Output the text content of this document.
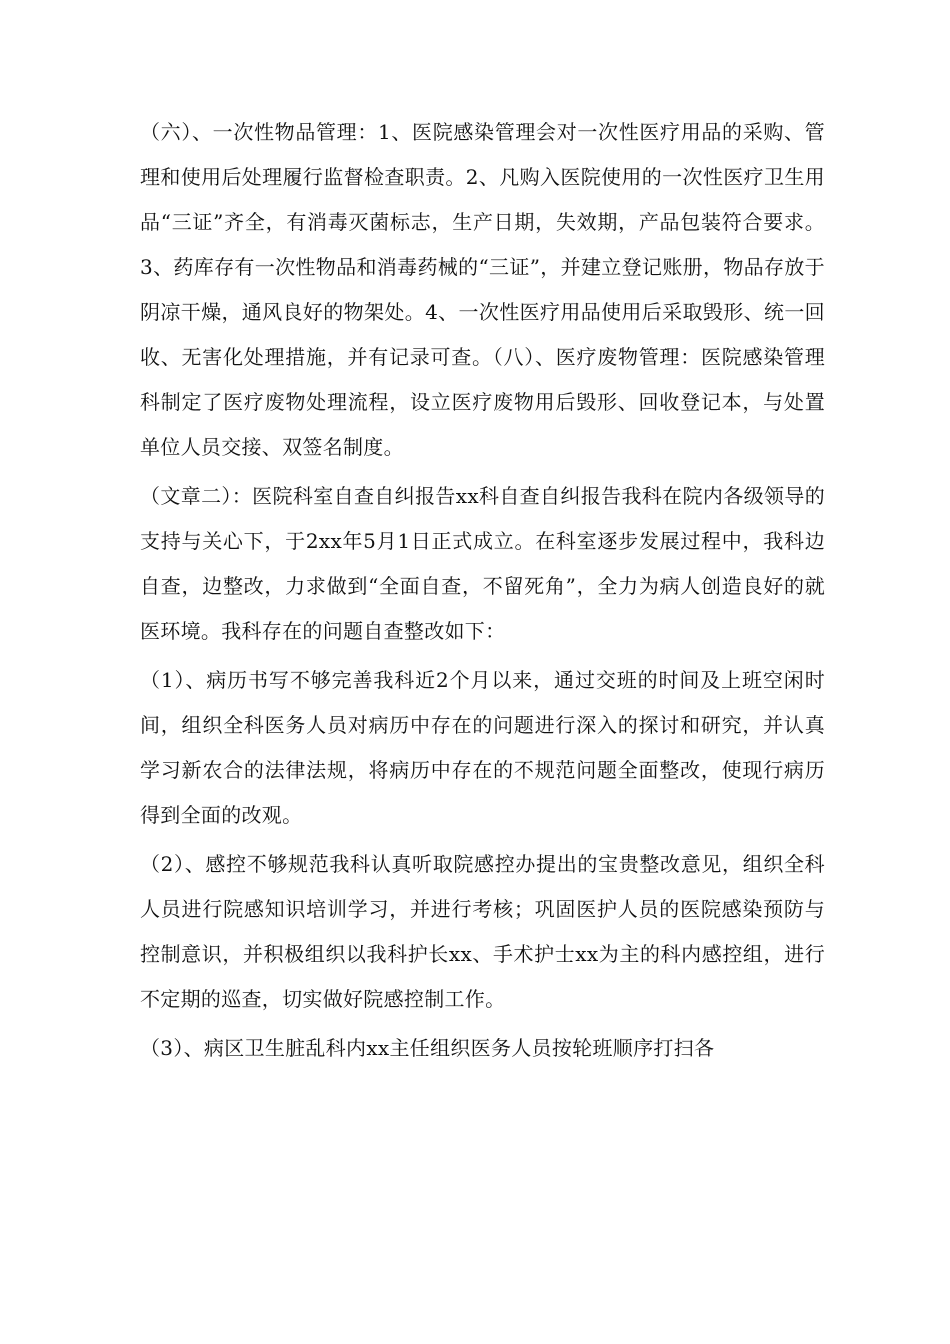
（六）、一次性物品管理：1、医院感染管理会对一次性医疗用品的采购、管理和使用后处理履行监督检查职责。2、凡购入医院使用的一次性医疗卫生用品“三证”齐全，有消毒灭菌标志，生产日期，失效期，产品包装符合要求。3、药库存有一次性物品和消毒药械的“三证”，并建立登记账册，物品存放于阴凉干燥，通风良好的物架处。4、一次性医疗用品使用后采取毁形、统一回收、无害化处理措施，并有记录可查。（八）、医疗废物管理：医院感染管理科制定了医疗废物处理流程，设立医疗废物用后毁形、回收登记本，与处置单位人员交接、双签名制度。

（文章二）：医院科室自查自纠报告xx科自查自纠报告我科在院内各级领导的支持与关心下，于2xx年5月1日正式成立。在科室逐步发展过程中，我科边自查，边整改，力求做到“全面自查，不留死角”，全力为病人创造良好的就医环境。我科存在的问题自查整改如下：

（1）、病历书写不够完善我科近2个月以来，通过交班的时间及上班空闲时间，组织全科医务人员对病历中存在的问题进行深入的探讨和研究，并认真学习新农合的法律法规，将病历中存在的不规范问题全面整改，使现行病历得到全面的改观。

（2）、感控不够规范我科认真听取院感控办提出的宝贵整改意见，组织全科人员进行院感知识培训学习，并进行考核；巩固医护人员的医院感染预防与控制意识，并积极组织以我科护长xx、手术护士xx为主的科内感控组，进行不定期的巡查，切实做好院感控制工作。

（3）、病区卫生脏乱科内xx主任组织医务人员按轮班顺序打扫各
